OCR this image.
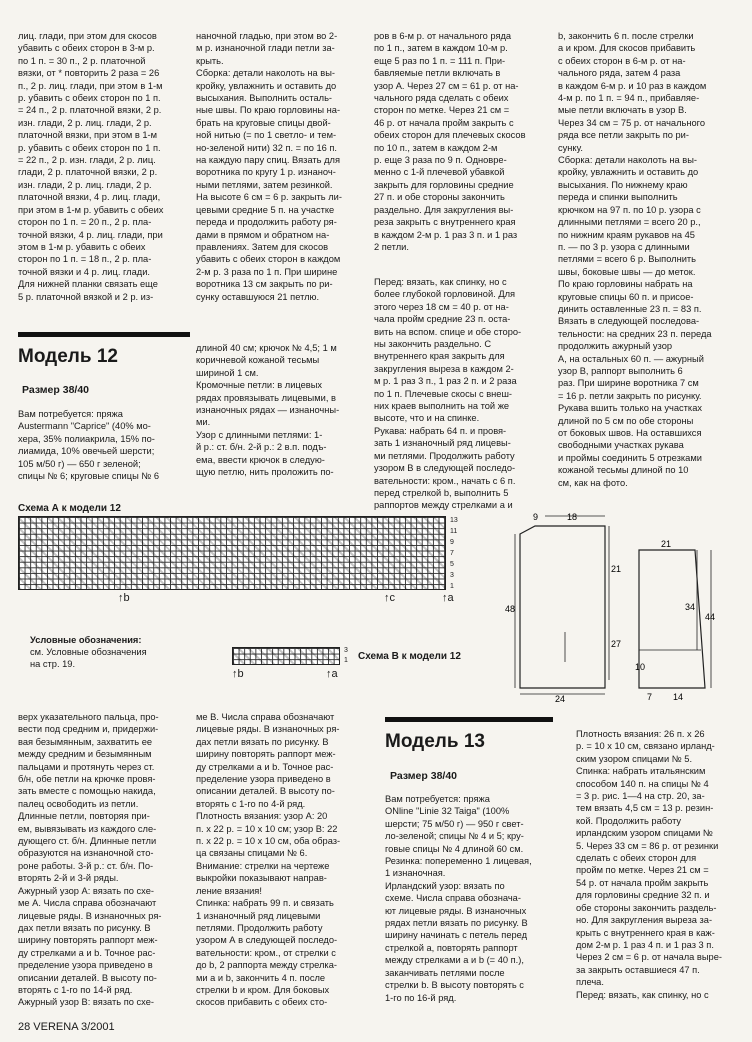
лиц. глади, при этом для скосов
убавить с обеих сторон в 3-м р.
по 1 п. = 30 п., 2 р. платочной
вязки, от * повторить 2 раза = 26
п., 2 р. лиц. глади, при этом в 1-м
р. убавить с обеих сторон по 1 п.
= 24 п., 2 р. платочной вязки, 2 р.
изн. глади, 2 р. лиц. глади, 2 р.
платочной вязки, при этом в 1-м
р. убавить с обеих сторон по 1 п.
= 22 п., 2 р. изн. глади, 2 р. лиц.
глади, 2 р. платочной вязки, 2 р.
изн. глади, 2 р. лиц. глади, 2 р.
платочной вязки, 4 р. лиц. глади,
при этом в 1-м р. убавить с обеих
сторон по 1 п. = 20 п., 2 р. пла-
точной вязки, 4 р. лиц. глади, при
этом в 1-м р. убавить с обеих
сторон по 1 п. = 18 п., 2 р. пла-
точной вязки и 4 р. лиц. глади.
Для нижней планки связать еще
5 р. платочной вязкой и 2 р. из-
наночной гладью, при этом во 2-
м р. изнаночной глади петли за-
крыть.
Сборка: детали наколоть на вы-
кройку, увлажнить и оставить до
высыхания. Выполнить осталь-
ные швы. По краю горловины на-
брать на круговые спицы двой-
ной нитью (= по 1 светло- и тем-
но-зеленой нити) 32 п. = по 16 п.
на каждую пару спиц. Вязать для
воротника по кругу 1 р. изнаноч-
ными петлями, затем резинкой.
На высоте 6 см = 6 р. закрыть ли-
цевыми средние 5 п. на участке
переда и продолжить работу ря-
дами в прямом и обратном на-
правлениях. Затем для скосов
убавить с обеих сторон в каждом
2-м р. 3 раза по 1 п. При ширине
воротника 13 см закрыть по ри-
сунку оставшуюся 21 петлю.
ров в 6-м р. от начального ряда
по 1 п., затем в каждом 10-м р.
еще 5 раз по 1 п. = 111 п. При-
бавляемые петли включать в
узор А. Через 27 см = 61 р. от на-
чального ряда сделать с обеих
сторон по метке. Через 21 см =
46 р. от начала пройм закрыть с
обеих сторон для плечевых скосов
по 10 п., затем в каждом 2-м
р. еще 3 раза по 9 п. Одновре-
менно с 1-й плечевой убавкой
закрыть для горловины средние
27 п. и обе стороны закончить
раздельно. Для закругления вы-
реза закрыть с внутреннего края
в каждом 2-м р. 1 раз 3 п. и 1 раз
2 петли.
b, закончить 6 п. после стрелки
а и кром. Для скосов прибавить
с обеих сторон в 6-м р. от на-
чального ряда, затем 4 раза
в каждом 6-м р. и 10 раз в каждом
4-м р. по 1 п. = 94 п., прибавляе-
мые петли включать в узор В.
Через 34 см = 75 р. от начального
ряда все петли закрыть по ри-
сунку.
Сборка: детали наколоть на вы-
кройку, увлажнить и оставить до
высыхания. По нижнему краю
переда и спинки выполнить
крючком на 97 п. по 10 р. узора с
длинными петлями = всего 20 р.,
по нижним краям рукавов на 45
п. — по 3 р. узора с длинными
петлями = всего 6 р. Выполнить
швы, боковые швы — до меток.
По краю горловины набрать на
круговые спицы 60 п. и присое-
динить оставленные 23 п. = 83 п.
Вязать в следующей последова-
тельности: на средних 23 п. переда
продолжить ажурный узор
А, на остальных 60 п. — ажурный
узор В, раппорт выполнить 6
раз. При ширине воротника 7 см
= 16 р. петли закрыть по рисунку.
Рукава вшить только на участках
длиной по 5 см по обе стороны
от боковых швов. На оставшихся
свободными участках рукава
и проймы соединить 5 отрезками
кожаной тесьмы длиной по 10
см, как на фото.
Модель 12
Размер 38/40
Вам потребуется: пряжа
Austermann "Caprice" (40% мо-
хера, 35% полиакрила, 15% по-
лиамида, 10% овечьей шерсти;
105 м/50 г) — 650 г зеленой;
спицы № 6; круговые спицы № 6
длиной 40 см; крючок № 4,5; 1 м
коричневой кожаной тесьмы
шириной 1 см.
Кромочные петли: в лицевых
рядах провязывать лицевыми, в
изнаночных рядах — изнаночны-
ми.
Узор с длинными петлями: 1-
й р.: ст. б/н. 2-й р.: 2 в.п. подъ-
ема, ввести крючок в следую-
щую петлю, нить проложить по-
Перед: вязать, как спинку, но с
более глубокой горловиной. Для
этого через 18 см = 40 р. от на-
чала пройм средние 23 п. оста-
вить на вспом. спице и обе сторо-
ны закончить раздельно. С
внутреннего края закрыть для
закругления выреза в каждом 2-
м р. 1 раз 3 п., 1 раз 2 п. и 2 раза
по 1 п. Плечевые скосы с внеш-
них краев выполнить на той же
высоте, что и на спинке.
Рукава: набрать 64 п. и провя-
зать 1 изнаночный ряд лицевы-
ми петлями. Продолжить работу
узором В в следующей последо-
вательности: кром., начать с 6 п.
перед стрелкой b, выполнить 5
раппортов между стрелками а и
Схема А к модели 12
13
11
9
7
5
3
1
↑b	↑c	↑a
Условные обозначения:
см. Условные обозначения
на стр. 19.
3
1 Схема В к модели 12
↑b	↑a
9	18
48
21
27
24
21
34
44
10
7 14
верх указательного пальца, про-
вести под средним и, придержи-
вая безымянным, захватить ее
между средним и безымянным
пальцами и протянуть через ст.
б/н, обе петли на крючке провя-
зать вместе с помощью накида,
палец освободить из петли.
Длинные петли, повторяя при-
ем, вывязывать из каждого сле-
дующего ст. б/н. Длинные петли
образуются на изнаночной сто-
роне работы. 3-й р.: ст. б/н. По-
вторять 2-й и 3-й ряды.
Ажурный узор А: вязать по схе-
ме А. Числа справа обозначают
лицевые ряды. В изнаночных ря-
дах петли вязать по рисунку. В
ширину повторять раппорт меж-
ду стрелками а и b. Точное рас-
пределение узора приведено в
описании деталей. В высоту по-
вторять с 1-го по 14-й ряд.
Ажурный узор В: вязать по схе-
ме В. Числа справа обозначают
лицевые ряды. В изнаночных ря-
дах петли вязать по рисунку. В
ширину повторять раппорт меж-
ду стрелками а и b. Точное рас-
пределение узора приведено в
описании деталей. В высоту по-
вторять с 1-го по 4-й ряд.
Плотность вязания: узор А: 20
п. х 22 р. = 10 х 10 см; узор В: 22
п. х 22 р. = 10 х 10 см, оба образ-
ца связаны спицами № 6.
Внимание: стрелки на чертеже
выкройки показывают направ-
ление вязания!
Спинка: набрать 99 п. и связать
1 изнаночный ряд лицевыми
петлями. Продолжить работу
узором А в следующей последо-
вательности: кром., от стрелки с
до b, 2 раппорта между стрелка-
ми а и b, закончить 4 п. после
стрелки b и кром. Для боковых
скосов прибавить с обеих сто-
Модель 13
Размер 38/40
Вам потребуется: пряжа
ONline "Linie 32 Taiga" (100%
шерсти; 75 м/50 г) — 950 г свет-
ло-зеленой; спицы № 4 и 5; кру-
говые спицы № 4 длиной 60 см.
Резинка: попеременно 1 лицевая,
1 изнаночная.
Ирландский узор: вязать по
схеме. Числа справа обознача-
ют лицевые ряды. В изнаночных
рядах петли вязать по рисунку. В
ширину начинать с петель перед
стрелкой а, повторять раппорт
между стрелками а и b (= 40 п.),
заканчивать петлями после
стрелки b. В высоту повторять с
1-го по 16-й ряд.
Плотность вязания: 26 п. х 26
р. = 10 х 10 см, связано ирланд-
ским узором спицами № 5.
Спинка: набрать итальянским
способом 140 п. на спицы № 4
= 3 р. рис. 1—4 на стр. 20, за-
тем вязать 4,5 см = 13 р. резин-
кой. Продолжить работу
ирландским узором спицами №
5. Через 33 см = 86 р. от резинки
сделать с обеих сторон для
пройм по метке. Через 21 см =
54 р. от начала пройм закрыть
для горловины средние 32 п. и
обе стороны закончить раздель-
но. Для закругления выреза за-
крыть с внутреннего края в каж-
дом 2-м р. 1 раз 4 п. и 1 раз 3 п.
Через 2 см = 6 р. от начала выре-
за закрыть оставшиеся 47 п.
плеча.
Перед: вязать, как спинку, но с
28 VERENA 3/2001
